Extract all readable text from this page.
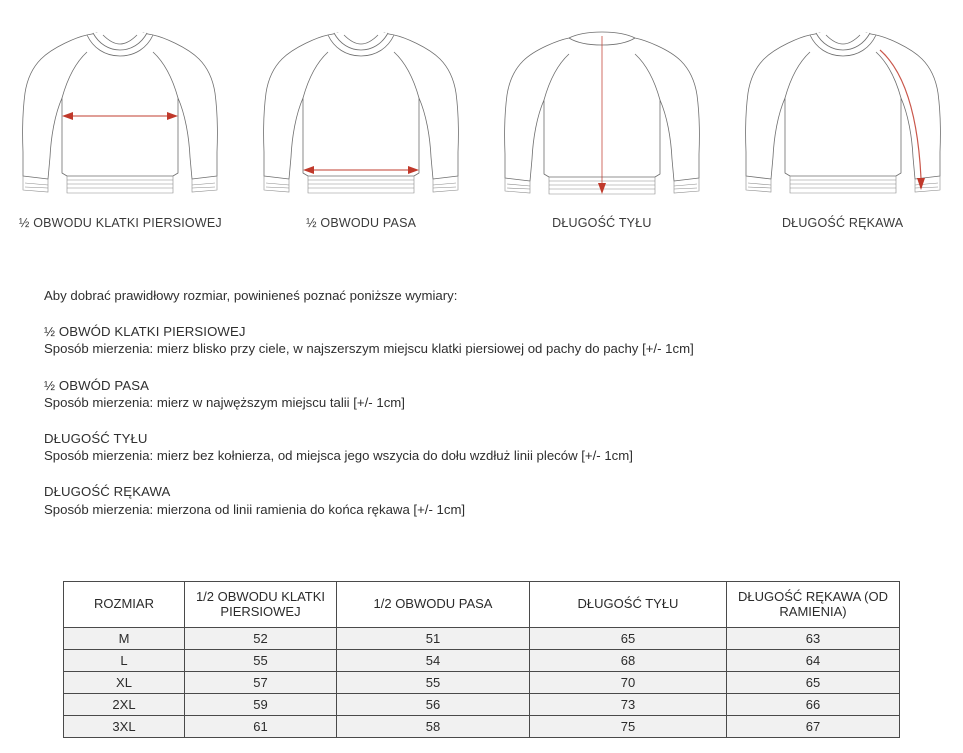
½ OBWODU KLATKI PIERSIOWEJ	½ OBWODU PASA	DŁUGOŚĆ TYŁU	DŁUGOŚĆ RĘKAWA

Aby dobrać prawidłowy rozmiar, powinieneś poznać poniższe wymiary:

½ OBWÓD KLATKI PIERSIOWEJ

Sposób mierzenia: mierz blisko przy ciele, w najszerszym miejscu klatki piersiowej od pachy do pachy [+/- 1cm]

½ OBWÓD PASA

Sposób mierzenia: mierz w najwęższym miejscu talii [+/- 1cm]

DŁUGOŚĆ TYŁU

Sposób mierzenia: mierz bez kołnierza, od miejsca jego wszycia do dołu wzdłuż linii pleców [+/- 1cm]

DŁUGOŚĆ RĘKAWA

Sposób mierzenia: mierzona od linii ramienia do końca rękawa [+/- 1cm]

ROZMIAR	1/2 OBWODU KLATKI PIERSIOWEJ	1/2 OBWODU PASA	DŁUGOŚĆ TYŁU	DŁUGOŚĆ RĘKAWA (OD RAMIENIA)
M	52	51	65	63
L	55	54	68	64
XL	57	55	70	65
2XL	59	56	73	66
3XL	61	58	75	67
